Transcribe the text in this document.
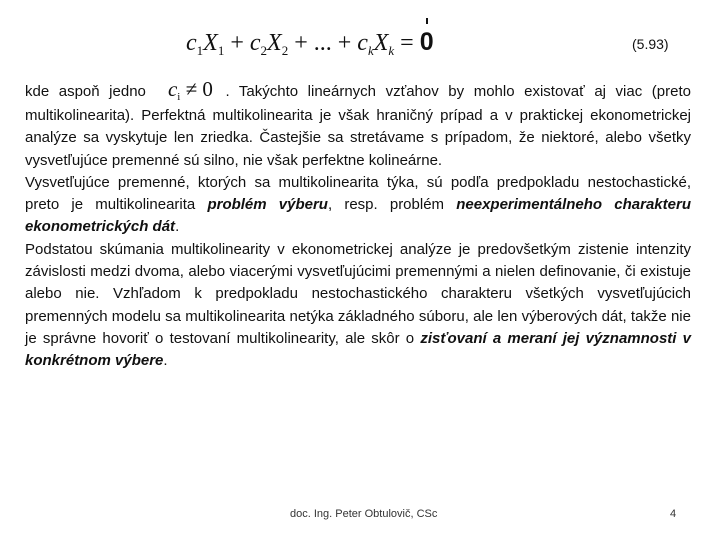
$c_1X_1 + c_2X_2$ + ... + $c_kX_k = 0$	(5.93)

kde aspoň jedno $c_i \ne 0$ . Takýchto lineárnych vzťahov by mohlo existovať aj viac (preto multikolinearita). Perfektná multikolinearita je však hraničný prípad a v praktickej ekonometrickej analýze sa vyskytuje len zriedka. Častejšie sa stretávame s prípadom, že niektoré, alebo všetky vysvetľujúce premenné sú silno, nie však perfektne kolineárne.

Vysvetľujúce premenné, ktorých sa multikolinearita týka, sú podľa predpokladu nestochastické, preto je multikolinearita problém výberu, resp. problém neexperimentálneho charakteru ekonometrických dát.

Podstatou skúmania multikolinearity v ekonometrickej analýze je predovšetkým zistenie intenzity závislosti medzi dvoma, alebo viacerými vysvetľujúcimi premennými a nielen definovanie, či existuje alebo nie. Vzhľadom k predpokladu nestochastického charakteru všetkých vysvetľujúcich premenných modelu sa multikolinearita netýka základného súboru, ale len výberových dát, takže nie je správne hovoriť o testovaní multikolinearity, ale skôr o zisťovaní a meraní jej významnosti v konkrétnom výbere.

doc. Ing. Peter Obtulovič, CSc	4
